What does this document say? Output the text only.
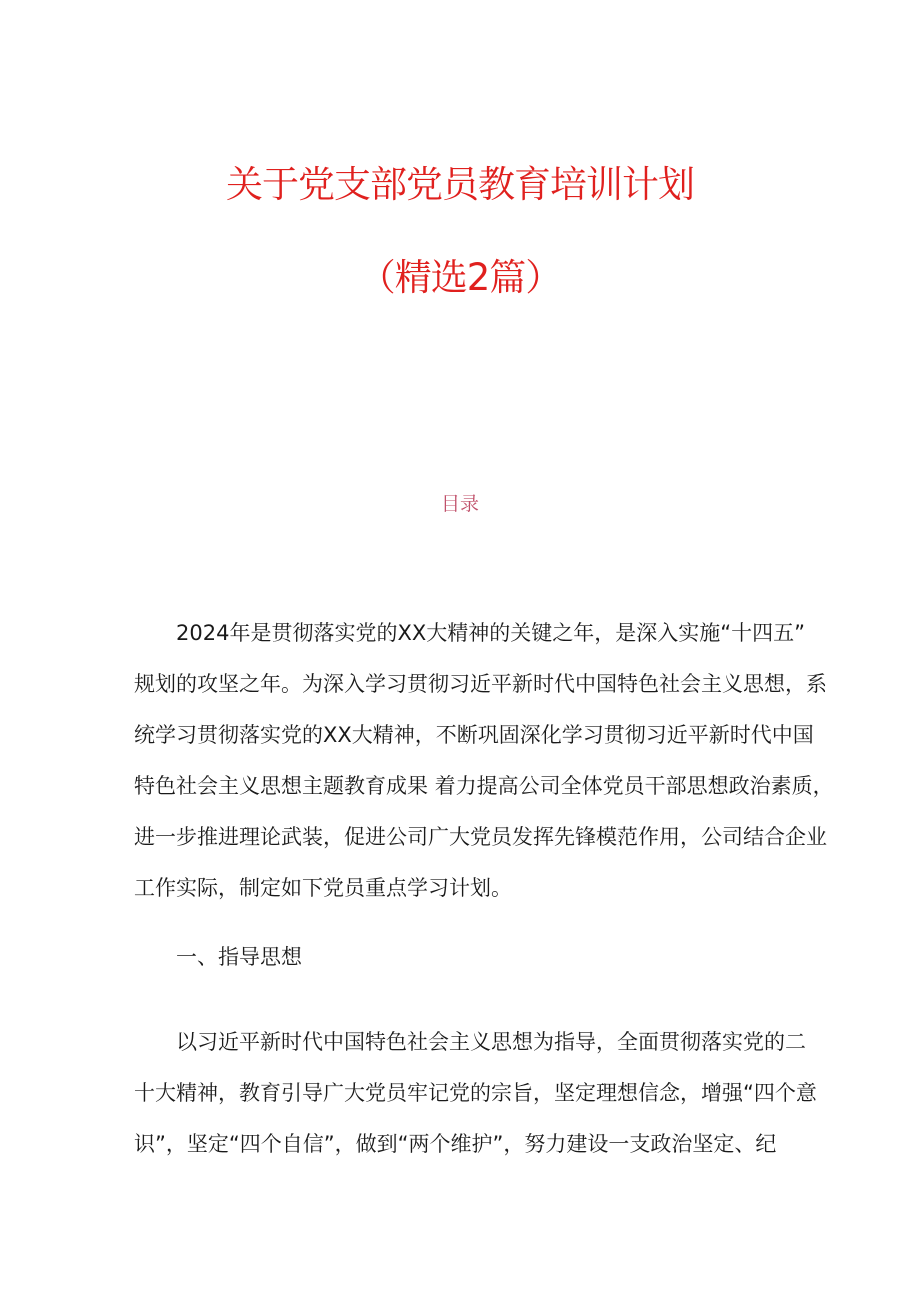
关于党支部党员教育培训计划
（精选2篇）
目录
2024年是贯彻落实党的XX大精神的关键之年，是深入实施“十四五”
规划的攻坚之年。为深入学习贯彻习近平新时代中国特色社会主义思想，系
统学习贯彻落实党的XX大精神，不断巩固深化学习贯彻习近平新时代中国
特色社会主义思想主题教育成果 着力提高公司全体党员干部思想政治素质，
进一步推进理论武装，促进公司广大党员发挥先锋模范作用，公司结合企业
工作实际，制定如下党员重点学习计划。
一、指导思想
以习近平新时代中国特色社会主义思想为指导，全面贯彻落实党的二
十大精神，教育引导广大党员牢记党的宗旨，坚定理想信念，增强“四个意
识”，坚定“四个自信”，做到“两个维护”，努力建设一支政治坚定、纪
